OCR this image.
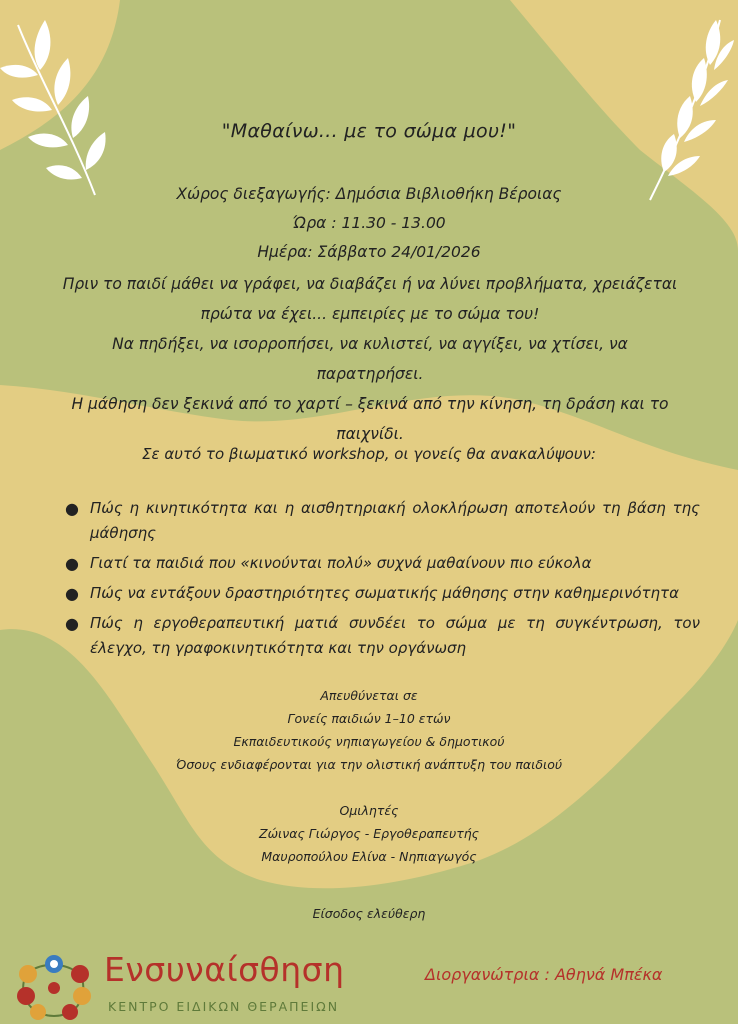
"Μαθαίνω... με το σώμα μου!"
Χώρος διεξαγωγής: Δημόσια Βιβλιοθήκη Βέροιας
Ώρα : 11.30 - 13.00
Ημέρα: Σάββατο 24/01/2026
Πριν το παιδί μάθει να γράφει, να διαβάζει ή να λύνει προβλήματα, χρειάζεται
πρώτα να έχει... εμπειρίες με το σώμα του!
Να πηδήξει, να ισορροπήσει, να κυλιστεί, να αγγίξει, να χτίσει, να παρατηρήσει.
Η μάθηση δεν ξεκινά από το χαρτί – ξεκινά από την κίνηση, τη δράση και το
παιχνίδι.
Σε αυτό το βιωματικό workshop, οι γονείς θα ανακαλύψουν:
● Πώς η κινητικότητα και η αισθητηριακή ολοκλήρωση αποτελούν τη βάση της μάθησης
● Γιατί τα παιδιά που «κινούνται πολύ» συχνά μαθαίνουν πιο εύκολα
● Πώς να εντάξουν δραστηριότητες σωματικής μάθησης στην καθημερινότητα
● Πώς η εργοθεραπευτική ματιά συνδέει το σώμα με τη συγκέντρωση, τον έλεγχο, τη γραφοκινητικότητα και την οργάνωση
Απευθύνεται σε
Γονείς παιδιών 1–10 ετών
Εκπαιδευτικούς νηπιαγωγείου & δημοτικού
Όσους ενδιαφέρονται για την ολιστική ανάπτυξη του παιδιού
Ομιλητές
Ζώινας Γιώργος - Εργοθεραπευτής
Μαυροπούλου Ελίνα - Νηπιαγωγός
Είσοδος ελεύθερη
Ενσυναίσθηση
ΚΕΝΤΡΟ ΕΙΔΙΚΩΝ ΘΕΡΑΠΕΙΩΝ
Διοργανώτρια : Αθηνά Μπέκα
